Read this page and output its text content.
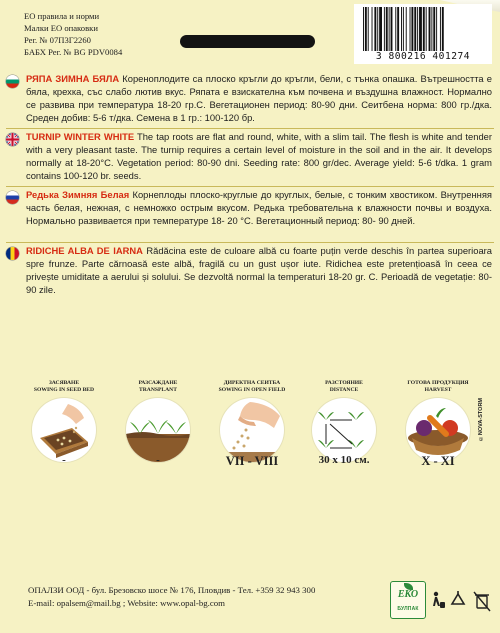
ЕО правила и норми
Малки ЕО опаковки
Рег. № 07П3Г2260
БАБХ Рег. № BG PDV0084	3 800216 401274

РЯПА ЗИМНА БЯЛА Кореноплодите са плоско кръгли до кръгли, бели, с тънка опашка. Вътрешността е бяла, крехка, със слабо лютив вкус. Ряпата е взискателна към почвена и въздушна влажност. Нормално се развива при температура 18-20 гр.С. Вегетационен период: 80-90 дни. Сеитбена норма: 800 гр./дка. Среден добив: 5-6 т/дка. Семена в 1 гр.: 100-120 бр.

TURNIP WINTER WHITE The tap roots are flat and round, white, with a slim tail. The flesh is white and tender with a very pleasant taste. The turnip requires a certain level of moisture in the soil and in the air. It develops normally at 18-20°C. Vegetation period: 80-90 dni. Seeding rate: 800 gr/dec. Average yield: 5-6 t/dka. 1 gram contains 100-120 br. seeds.

Редька Зимняя Белая Корнеплоды плоско-круглые до круглых, белые, с тонким хвостиком. Внутренняя часть белая, нежная, с немножко острым вкусом. Редька требовательна к влажности почвы и воздуха. Нормально развивается при температуре 18- 20 °С. Вегетационный период: 80- 90 дней.

RIDICHE ALBA DE IARNA Rădăcina este de culoare albă cu foarte puțin verde deschis în partea superioara spre frunze. Parte cărnoasă este albă, fragilă cu un gust ușor iute. Ridichea este pretențioasă în ceea ce privește umiditate a aerului și solului. Se dezvoltă normal la temperaturi 18-20 gr. C. Perioadă de vegetație: 80- 90 zile.

ЗАСЯВАНЕ
SOWING IN SEED BED
-
РАЗСАЖДАНЕ
TRANSPLANT
-
ДИРЕКТНА СЕИТБА
SOWING IN OPEN FIELD
VII - VIII
РАЗСТОЯНИЕ
DISTANCE
30 x 10 cм.
ГОТОВА ПРОДУКЦИЯ
HARVEST
X - XI
©NOVA-STORM
ОПАЛЗИ ООД - бул. Брезовско шосе № 176, Пловдив - Тел. +359 32 943 300
E-mail: opalsem@mail.bg ; Website: www.opal-bg.com
ЕКО
БУЛПАК
